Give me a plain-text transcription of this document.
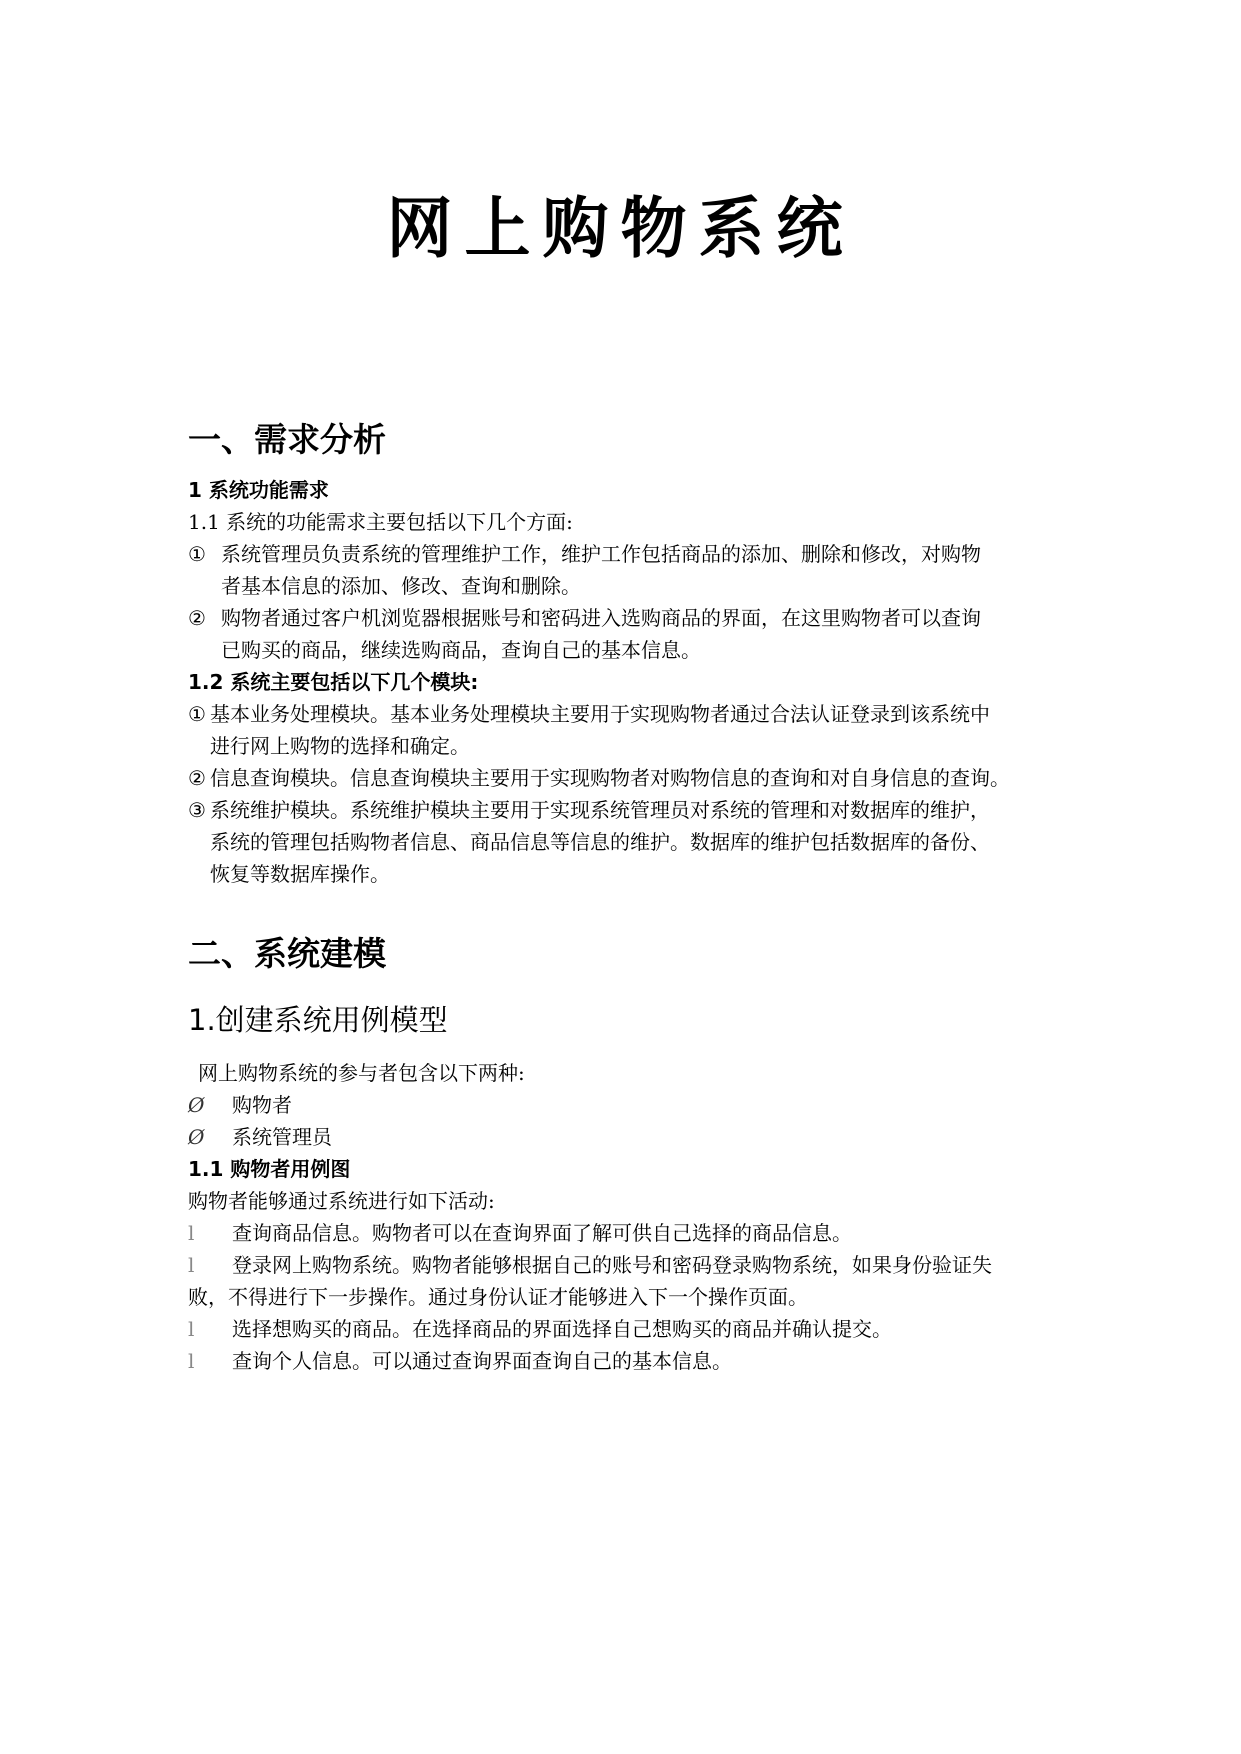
网上购物系统
一、需求分析
1 系统功能需求
1.1 系统的功能需求主要包括以下几个方面:
① 系统管理员负责系统的管理维护工作，维护工作包括商品的添加、删除和修改，对购物
者基本信息的添加、修改、查询和删除。
② 购物者通过客户机浏览器根据账号和密码进入选购商品的界面，在这里购物者可以查询
已购买的商品，继续选购商品，查询自己的基本信息。
1.2 系统主要包括以下几个模块:
① 基本业务处理模块。基本业务处理模块主要用于实现购物者通过合法认证登录到该系统中
进行网上购物的选择和确定。
② 信息查询模块。信息查询模块主要用于实现购物者对购物信息的查询和对自身信息的查询。
③ 系统维护模块。系统维护模块主要用于实现系统管理员对系统的管理和对数据库的维护，
系统的管理包括购物者信息、商品信息等信息的维护。数据库的维护包括数据库的备份、
恢复等数据库操作。
二、系统建模
1.创建系统用例模型
网上购物系统的参与者包含以下两种:
Ø 购物者
Ø 系统管理员
1.1 购物者用例图
购物者能够通过系统进行如下活动:
l 查询商品信息。购物者可以在查询界面了解可供自己选择的商品信息。
l 登录网上购物系统。购物者能够根据自己的账号和密码登录购物系统，如果身份验证失
败，不得进行下一步操作。通过身份认证才能够进入下一个操作页面。
l 选择想购买的商品。在选择商品的界面选择自己想购买的商品并确认提交。
l 查询个人信息。可以通过查询界面查询自己的基本信息。
